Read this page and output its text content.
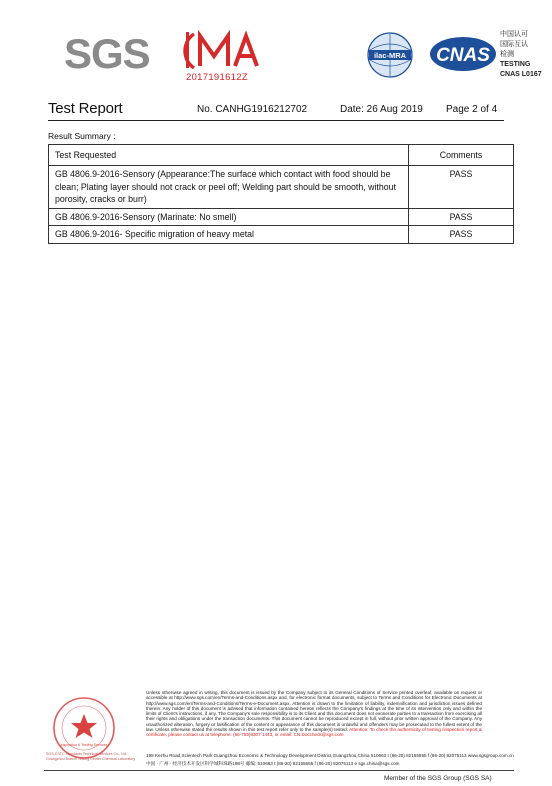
SGS
2017191612Z
ilac-MRA CNAS
中国认可
国际互认
检测
TESTING
CNAS L0167
Test Report	No. CANHG1916212702	Date: 26 Aug 2019 Page 2 of 4
Result Summary :
Test Requested	Comments
GB 4806.9-2016-Sensory (Appearance:The surface which contact with food should be clean; Plating layer should not crack or peel off; Welding part should be smooth, without porosity, cracks or burr)	PASS
GB 4806.9-2016-Sensory (Marinate: No smell)	PASS
GB 4806.9-2016- Specific migration of heavy metal	PASS
Inspection & Testing Services
SGS-CSTC Standards Technical Services Co., Ltd. Guangzhou Branch Testing Center Chemical Laboratory
Unless otherwise agreed in writing, this document is issued by the Company subject to its General Conditions of Service printed overleaf, available on request or accessible at http://www.sgs.com/en/Terms-and-Conditions.aspx and, for electronic format documents, subject to Terms and Conditions for Electronic Documents at http://www.sgs.com/en/Terms-and-Conditions/Terms-e-Document.aspx. Attention is drawn to the limitation of liability, indemnification and jurisdiction issues defined therein. Any holder of this document is advised that information contained hereon reflects the Company's findings at the time of its intervention only and within the limits of Client's instructions, if any. The Company's sole responsibility is to its Client and this document does not exonerate parties to a transaction from exercising all their rights and obligations under the transaction documents. This document cannot be reproduced except in full, without prior written approval of the Company. Any unauthorized alteration, forgery or falsification of the content or appearance of this document is unlawful and offenders may be prosecuted to the fullest extent of the law. Unless otherwise stated the results shown in this test report refer only to the sample(s) tested. Attention: To check the authenticity of testing /inspection report & certificate, please contact us at telephone: (86-755)8307 1443, or email: CN.Doccheck@sgs.com
198 Kezhu Road,Scientech Park Guangzhou Economic & Technology Development District,Guangzhou,China 510663 t (86-20) 82155555 f (86-20) 82075113 www.sgsgroup.com.cn
中国 · 广州 · 经济技术开发区科学城科珠路198号 邮编: 510663 t (86-20) 82155555 f (86-20) 82075113 e sgs.china@sgs.com
Member of the SGS Group (SGS SA)
